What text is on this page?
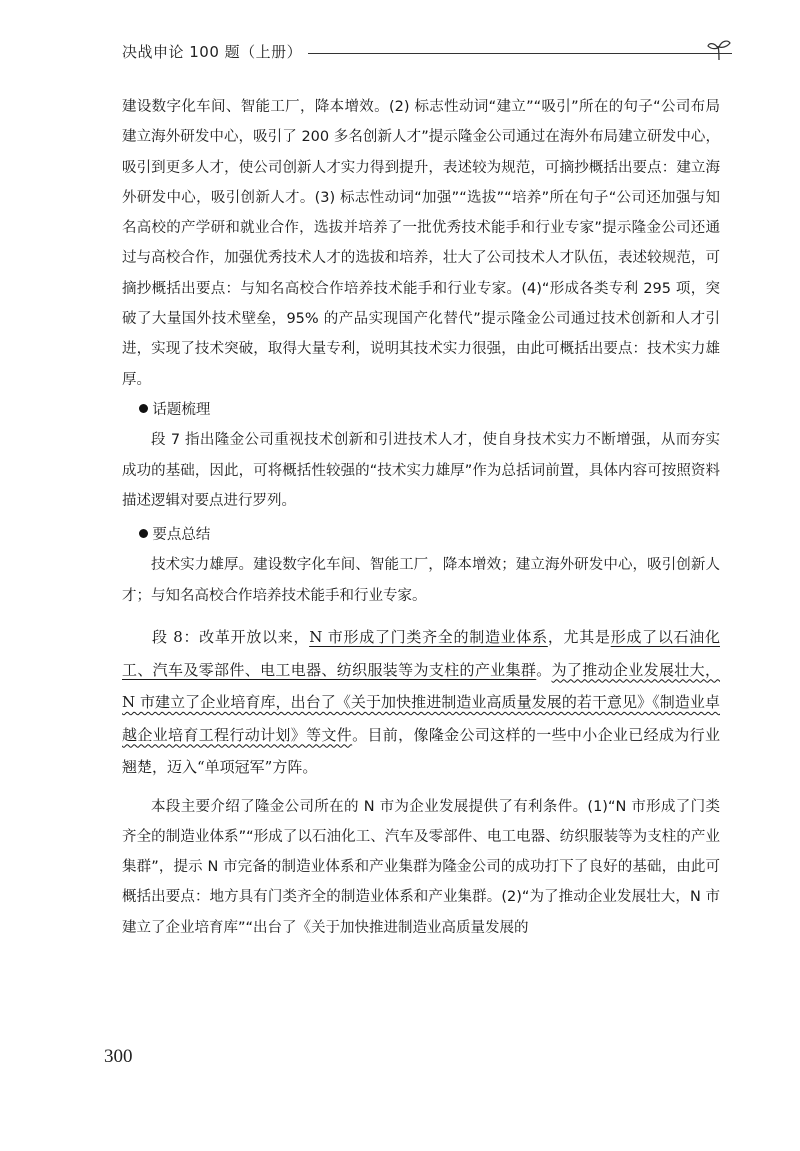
决战申论 100 题（上册）

建设数字化车间、智能工厂，降本增效。(2) 标志性动词“建立”“吸引”所在的句子“公司布局建立海外研发中心，吸引了 200 多名创新人才”提示隆金公司通过在海外布局建立研发中心，吸引到更多人才，使公司创新人才实力得到提升，表述较为规范，可摘抄概括出要点：建立海外研发中心，吸引创新人才。(3) 标志性动词“加强”“选拔”“培养”所在句子“公司还加强与知名高校的产学研和就业合作，选拔并培养了一批优秀技术能手和行业专家”提示隆金公司还通过与高校合作，加强优秀技术人才的选拔和培养，壮大了公司技术人才队伍，表述较规范，可摘抄概括出要点：与知名高校合作培养技术能手和行业专家。(4)“形成各类专利 295 项，突破了大量国外技术壁垒，95% 的产品实现国产化替代”提示隆金公司通过技术创新和人才引进，实现了技术突破，取得大量专利，说明其技术实力很强，由此可概括出要点：技术实力雄厚。

话题梳理

段 7 指出隆金公司重视技术创新和引进技术人才，使自身技术实力不断增强，从而夯实成功的基础，因此，可将概括性较强的“技术实力雄厚”作为总括词前置，具体内容可按照资料描述逻辑对要点进行罗列。

要点总结

技术实力雄厚。建设数字化车间、智能工厂，降本增效；建立海外研发中心，吸引创新人才；与知名高校合作培养技术能手和行业专家。

段 8：改革开放以来，N 市形成了门类齐全的制造业体系，尤其是形成了以石油化工、汽车及零部件、电工电器、纺织服装等为支柱的产业集群。为了推动企业发展壮大，N 市建立了企业培育库，出台了《关于加快推进制造业高质量发展的若干意见》《制造业卓越企业培育工程行动计划》等文件。目前，像隆金公司这样的一些中小企业已经成为行业翘楚，迈入“单项冠军”方阵。

本段主要介绍了隆金公司所在的 N 市为企业发展提供了有利条件。(1)“N 市形成了门类齐全的制造业体系”“形成了以石油化工、汽车及零部件、电工电器、纺织服装等为支柱的产业集群”，提示 N 市完备的制造业体系和产业集群为隆金公司的成功打下了良好的基础，由此可概括出要点：地方具有门类齐全的制造业体系和产业集群。(2)“为了推动企业发展壮大，N 市建立了企业培育库”“出台了《关于加快推进制造业高质量发展的

300
